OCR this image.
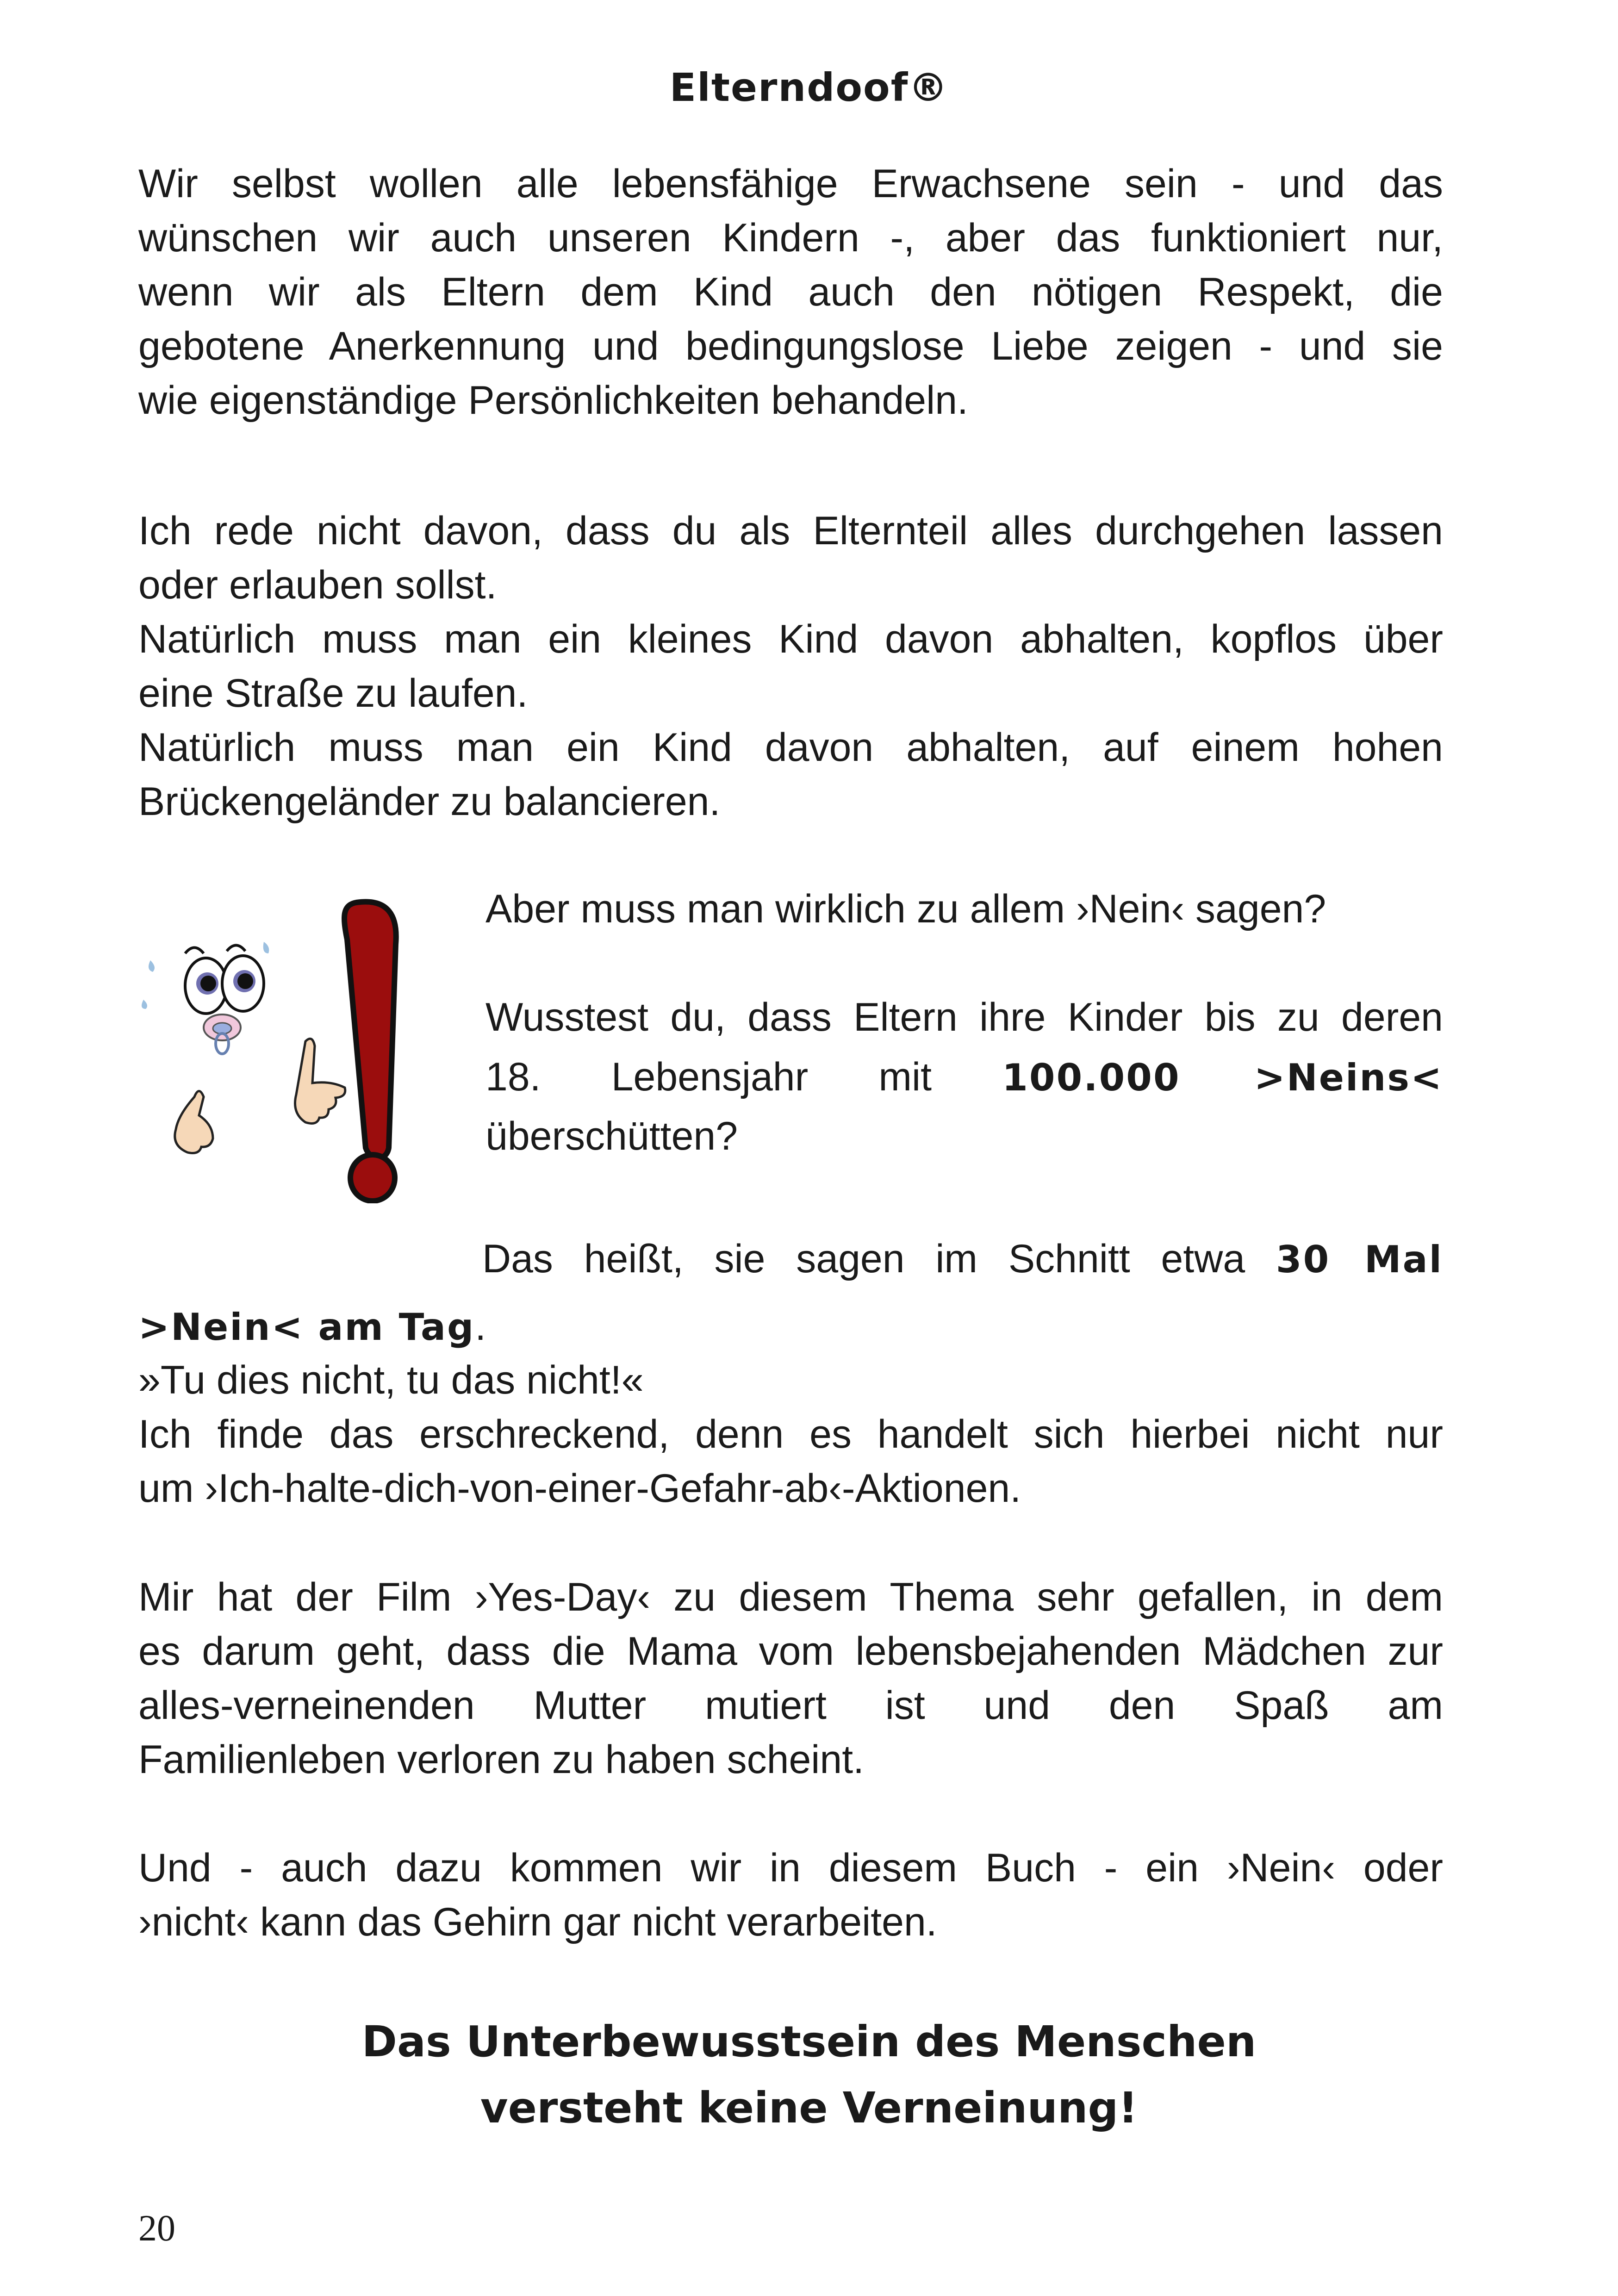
Elterndoof®
Wir selbst wollen alle lebensfähige Erwachsene sein - und das
wünschen wir auch unseren Kindern -, aber das funktioniert nur,
wenn wir als Eltern dem Kind auch den nötigen Respekt, die
gebotene Anerkennung und bedingungslose Liebe zeigen - und sie
wie eigenständige Persönlichkeiten behandeln.
Ich rede nicht davon, dass du als Elternteil alles durchgehen lassen
oder erlauben sollst.
Natürlich muss man ein kleines Kind davon abhalten, kopflos über
eine Straße zu laufen.
Natürlich muss man ein Kind davon abhalten, auf einem hohen
Brückengeländer zu balancieren.
Aber muss man wirklich zu allem ›Nein‹ sagen?
Wusstest du, dass Eltern ihre Kinder bis zu deren
18. Lebensjahr mit 100.000 >Neins<
überschütten?
Das heißt, sie sagen im Schnitt etwa 30 Mal
>Nein< am Tag.
»Tu dies nicht, tu das nicht!«
Ich finde das erschreckend, denn es handelt sich hierbei nicht nur
um ›Ich-halte-dich-von-einer-Gefahr-ab‹-Aktionen.
Mir hat der Film ›Yes-Day‹ zu diesem Thema sehr gefallen, in dem
es darum geht, dass die Mama vom lebensbejahenden Mädchen zur
alles-verneinenden Mutter mutiert ist und den Spaß am
Familienleben verloren zu haben scheint.
Und - auch dazu kommen wir in diesem Buch - ein ›Nein‹ oder
›nicht‹ kann das Gehirn gar nicht verarbeiten.
Das Unterbewusstsein des Menschen
versteht keine Verneinung!
20
